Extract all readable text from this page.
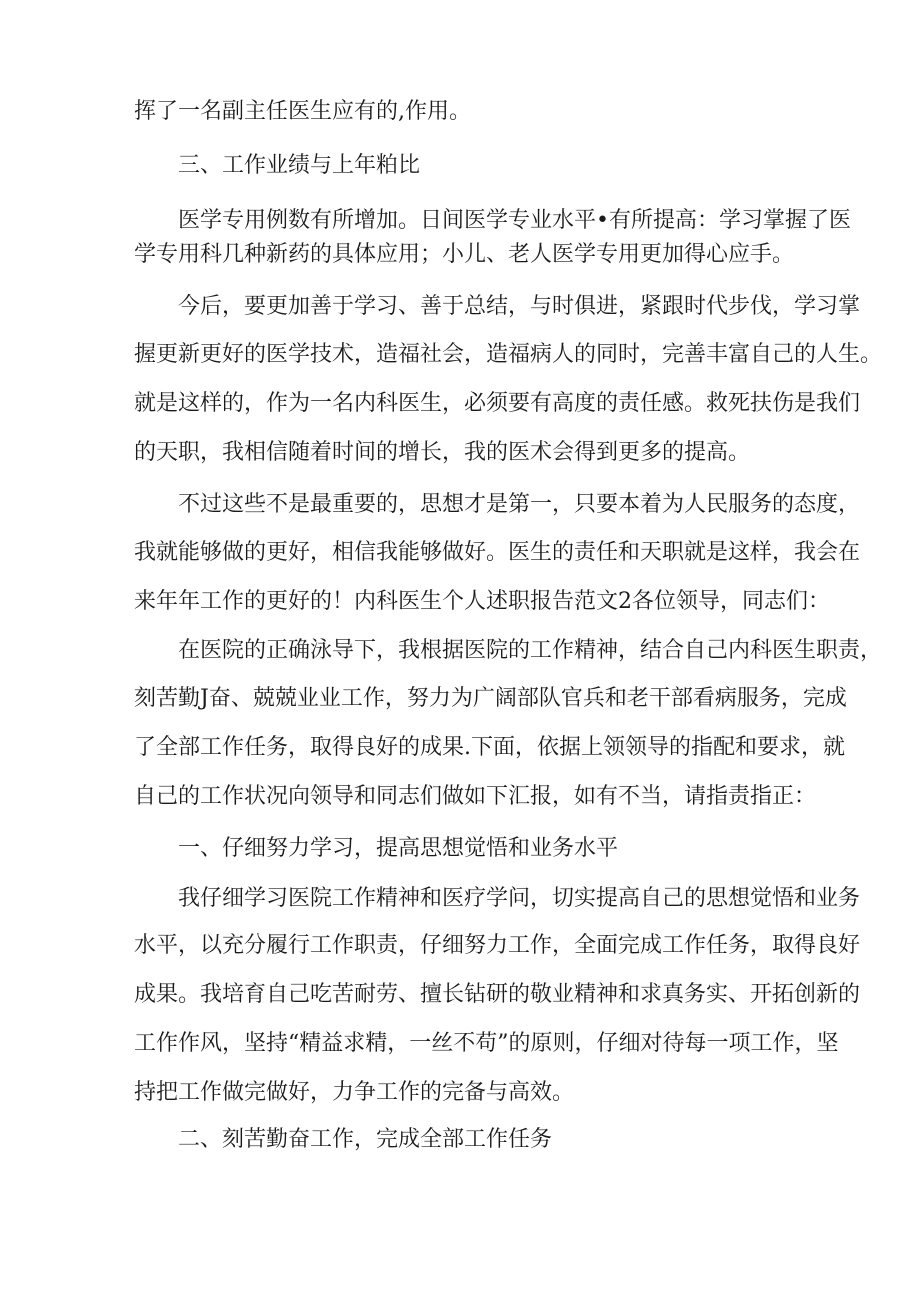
挥了一名副主任医生应有的,作用。

三、工作业绩与上年粕比

医学专用例数有所增加。日间医学专业水平•有所提高：学习掌握了医

学专用科几种新药的具体应用；小儿、老人医学专用更加得心应手。

今后，要更加善于学习、善于总结，与时俱进，紧跟时代步伐，学习掌

握更新更好的医学技术，造福社会，造福病人的同时，完善丰富自己的人生。

就是这样的，作为一名内科医生，必须要有高度的责任感。救死扶伤是我们

的天职，我相信随着时间的增长，我的医术会得到更多的提高。

不过这些不是最重要的，思想才是第一，只要本着为人民服务的态度，

我就能够做的更好，相信我能够做好。医生的责任和天职就是这样，我会在

来年年工作的更好的！内科医生个人述职报告范文2各位领导，同志们：

在医院的正确泳导下，我根据医院的工作精神，结合自己内科医生职责，

刻苦勤J奋、兢兢业业工作，努力为广阔部队官兵和老干部看病服务，完成

了全部工作任务，取得良好的成果.下面，依据上领领导的指配和要求，就

自己的工作状况向领导和同志们做如下汇报，如有不当，请指责指正：

一、仔细努力学习，提高思想觉悟和业务水平

我仔细学习医院工作精神和医疗学问，切实提高自己的思想觉悟和业务

水平，以充分履行工作职责，仔细努力工作，全面完成工作任务，取得良好

成果。我培育自己吃苦耐劳、擅长钻研的敬业精神和求真务实、开拓创新的

工作作风，坚持“精益求精，一丝不苟”的原则，仔细对待每一项工作，坚

持把工作做完做好，力争工作的完备与高效。

二、刻苦勤奋工作，完成全部工作任务
